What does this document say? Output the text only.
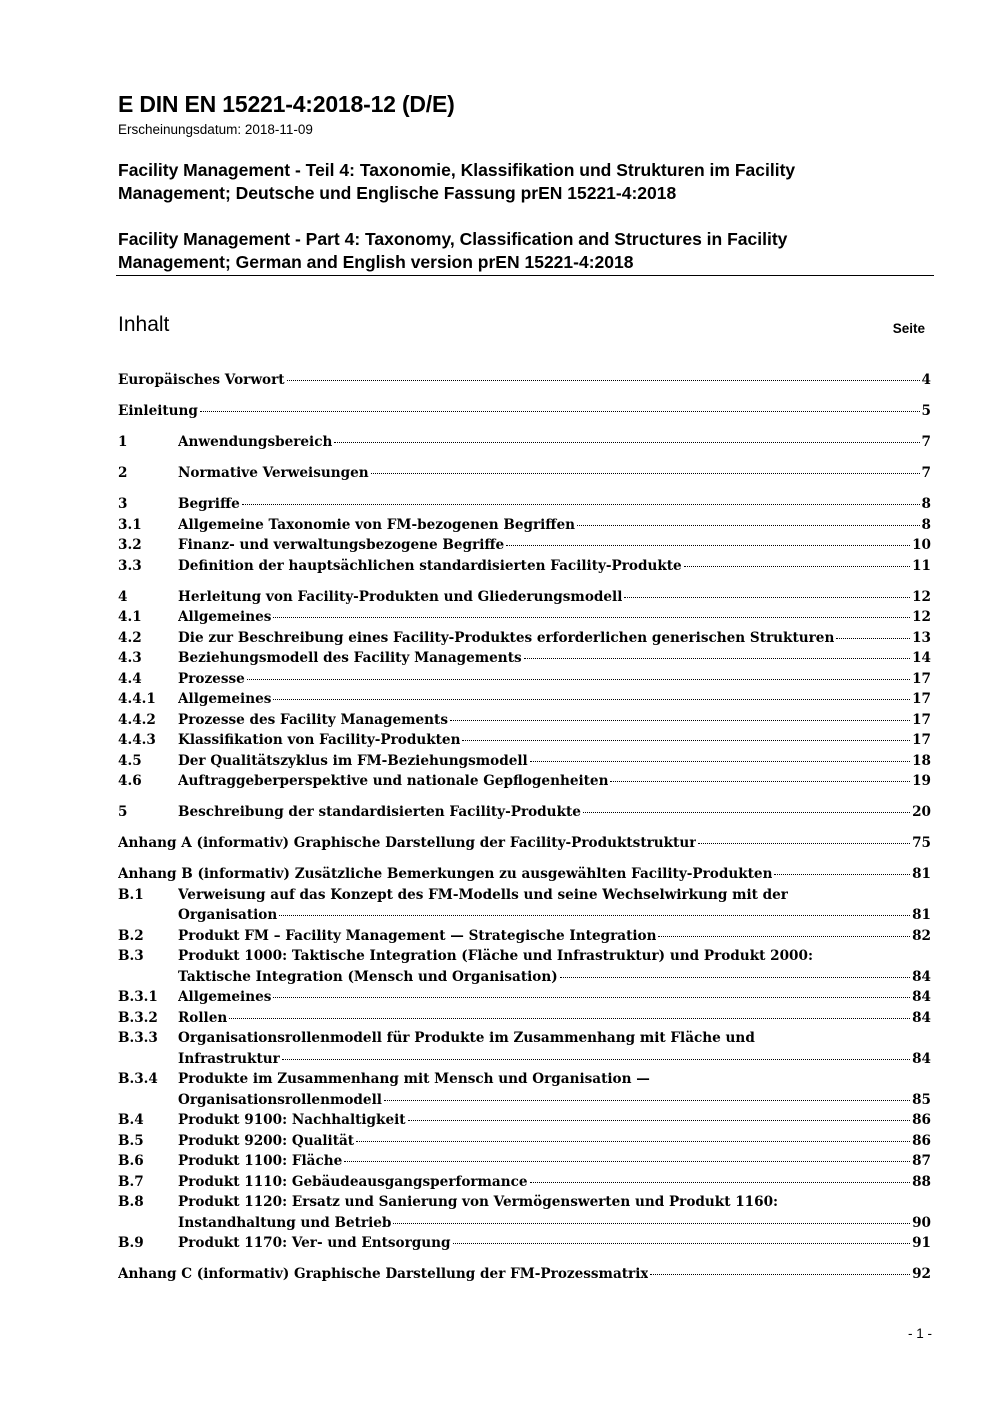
E DIN EN 15221-4:2018-12 (D/E)
Erscheinungsdatum: 2018-11-09
Facility Management - Teil 4: Taxonomie, Klassifikation und Strukturen im Facility
Management; Deutsche und Englische Fassung prEN 15221-4:2018
Facility Management - Part 4: Taxonomy, Classification and Structures in Facility
Management; German and English version prEN 15221-4:2018
Inhalt	Seite
Europäisches Vorwort	4
Einleitung	5
1	Anwendungsbereich	7
2	Normative Verweisungen	7
3	Begriffe	8
3.1	Allgemeine Taxonomie von FM-bezogenen Begriffen	8
3.2	Finanz- und verwaltungsbezogene Begriffe	10
3.3	Definition der hauptsächlichen standardisierten Facility-Produkte	11
4	Herleitung von Facility-Produkten und Gliederungsmodell	12
4.1	Allgemeines	12
4.2	Die zur Beschreibung eines Facility-Produktes erforderlichen generischen Strukturen	13
4.3	Beziehungsmodell des Facility Managements	14
4.4	Prozesse	17
4.4.1 Allgemeines	17
4.4.2 Prozesse des Facility Managements	17
4.4.3 Klassifikation von Facility-Produkten	17
4.5	Der Qualitätszyklus im FM-Beziehungsmodell	18
4.6	Auftraggeberperspektive und nationale Gepflogenheiten	19
5	Beschreibung der standardisierten Facility-Produkte	20
Anhang A (informativ) Graphische Darstellung der Facility-Produktstruktur	75
Anhang B (informativ) Zusätzliche Bemerkungen zu ausgewählten Facility-Produkten	81
B.1	Verweisung auf das Konzept des FM-Modells und seine Wechselwirkung mit der
Organisation	81
B.2	Produkt FM – Facility Management — Strategische Integration	82
B.3	Produkt 1000: Taktische Integration (Fläche und Infrastruktur) und Produkt 2000:
Taktische Integration (Mensch und Organisation)	84
B.3.1 Allgemeines	84
B.3.2 Rollen	84
B.3.3 Organisationsrollenmodell für Produkte im Zusammenhang mit Fläche und
Infrastruktur	84
B.3.4 Produkte im Zusammenhang mit Mensch und Organisation —
Organisationsrollenmodell	85
B.4	Produkt 9100: Nachhaltigkeit	86
B.5	Produkt 9200: Qualität	86
B.6	Produkt 1100: Fläche	87
B.7	Produkt 1110: Gebäudeausgangsperformance	88
B.8	Produkt 1120: Ersatz und Sanierung von Vermögenswerten und Produkt 1160:
Instandhaltung und Betrieb	90
B.9	Produkt 1170: Ver- und Entsorgung	91
Anhang C (informativ) Graphische Darstellung der FM-Prozessmatrix	92
- 1 -
